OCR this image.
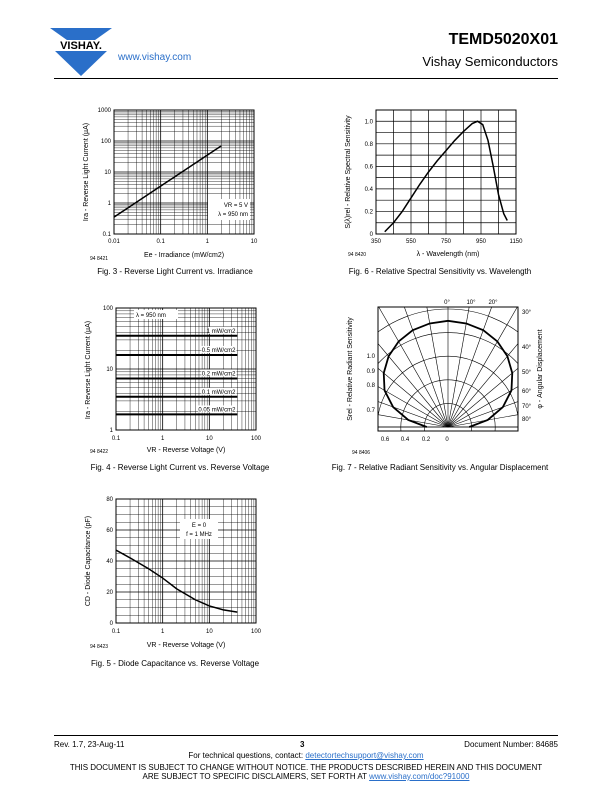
VISHAY.
www.vishay.com
TEMD5020X01
Vishay Semiconductors
0.01	0.1	1	10
0.1
1
10
100
1000
VR = 5 V
λ = 950 nm
Ee - Irradiance (mW/cm2)
Ira - Reverse Light Current (µA)
94 8421
Fig. 3 - Reverse Light Current vs. Irradiance
350	550	750	950	1150
0
0.2
0.4
0.6
0.8
1.0
λ - Wavelength (nm)
S(λ)rel - Relative Spectral Sensitivity
94 8420
Fig. 6 - Relative Spectral Sensitivity vs. Wavelength
0.1	1	10	100
1
10
100
1 mW/cm2
0.5 mW/cm2
0.2 mW/cm2
0.1 mW/cm2
0.05 mW/cm2
λ = 950 nm
VR - Reverse Voltage (V)
Ira - Reverse Light Current (µA)
94 8422
Fig. 4 - Reverse Light Current vs. Reverse Voltage
0°	10° 20°
30°
40°
50°
60°
70°
80°
1.0
0.9
0.8
0.7
0.6 0.4 0.2	0
Srel - Relative Radiant Sensitivity	φ - Angular Displacement
94 8406
Fig. 7 - Relative Radiant Sensitivity vs. Angular Displacement
0.1	1	10	100
0
20
40
60
80
E = 0
f = 1 MHz
VR - Reverse Voltage (V)
CD - Diode Capacitance (pF)
94 8423
Fig. 5 - Diode Capacitance vs. Reverse Voltage
Rev. 1.7, 23-Aug-11	3	Document Number: 84685
For technical questions, contact: detectortechsupport@vishay.com
THIS DOCUMENT IS SUBJECT TO CHANGE WITHOUT NOTICE. THE PRODUCTS DESCRIBED HEREIN AND THIS DOCUMENT
ARE SUBJECT TO SPECIFIC DISCLAIMERS, SET FORTH AT www.vishay.com/doc?91000
